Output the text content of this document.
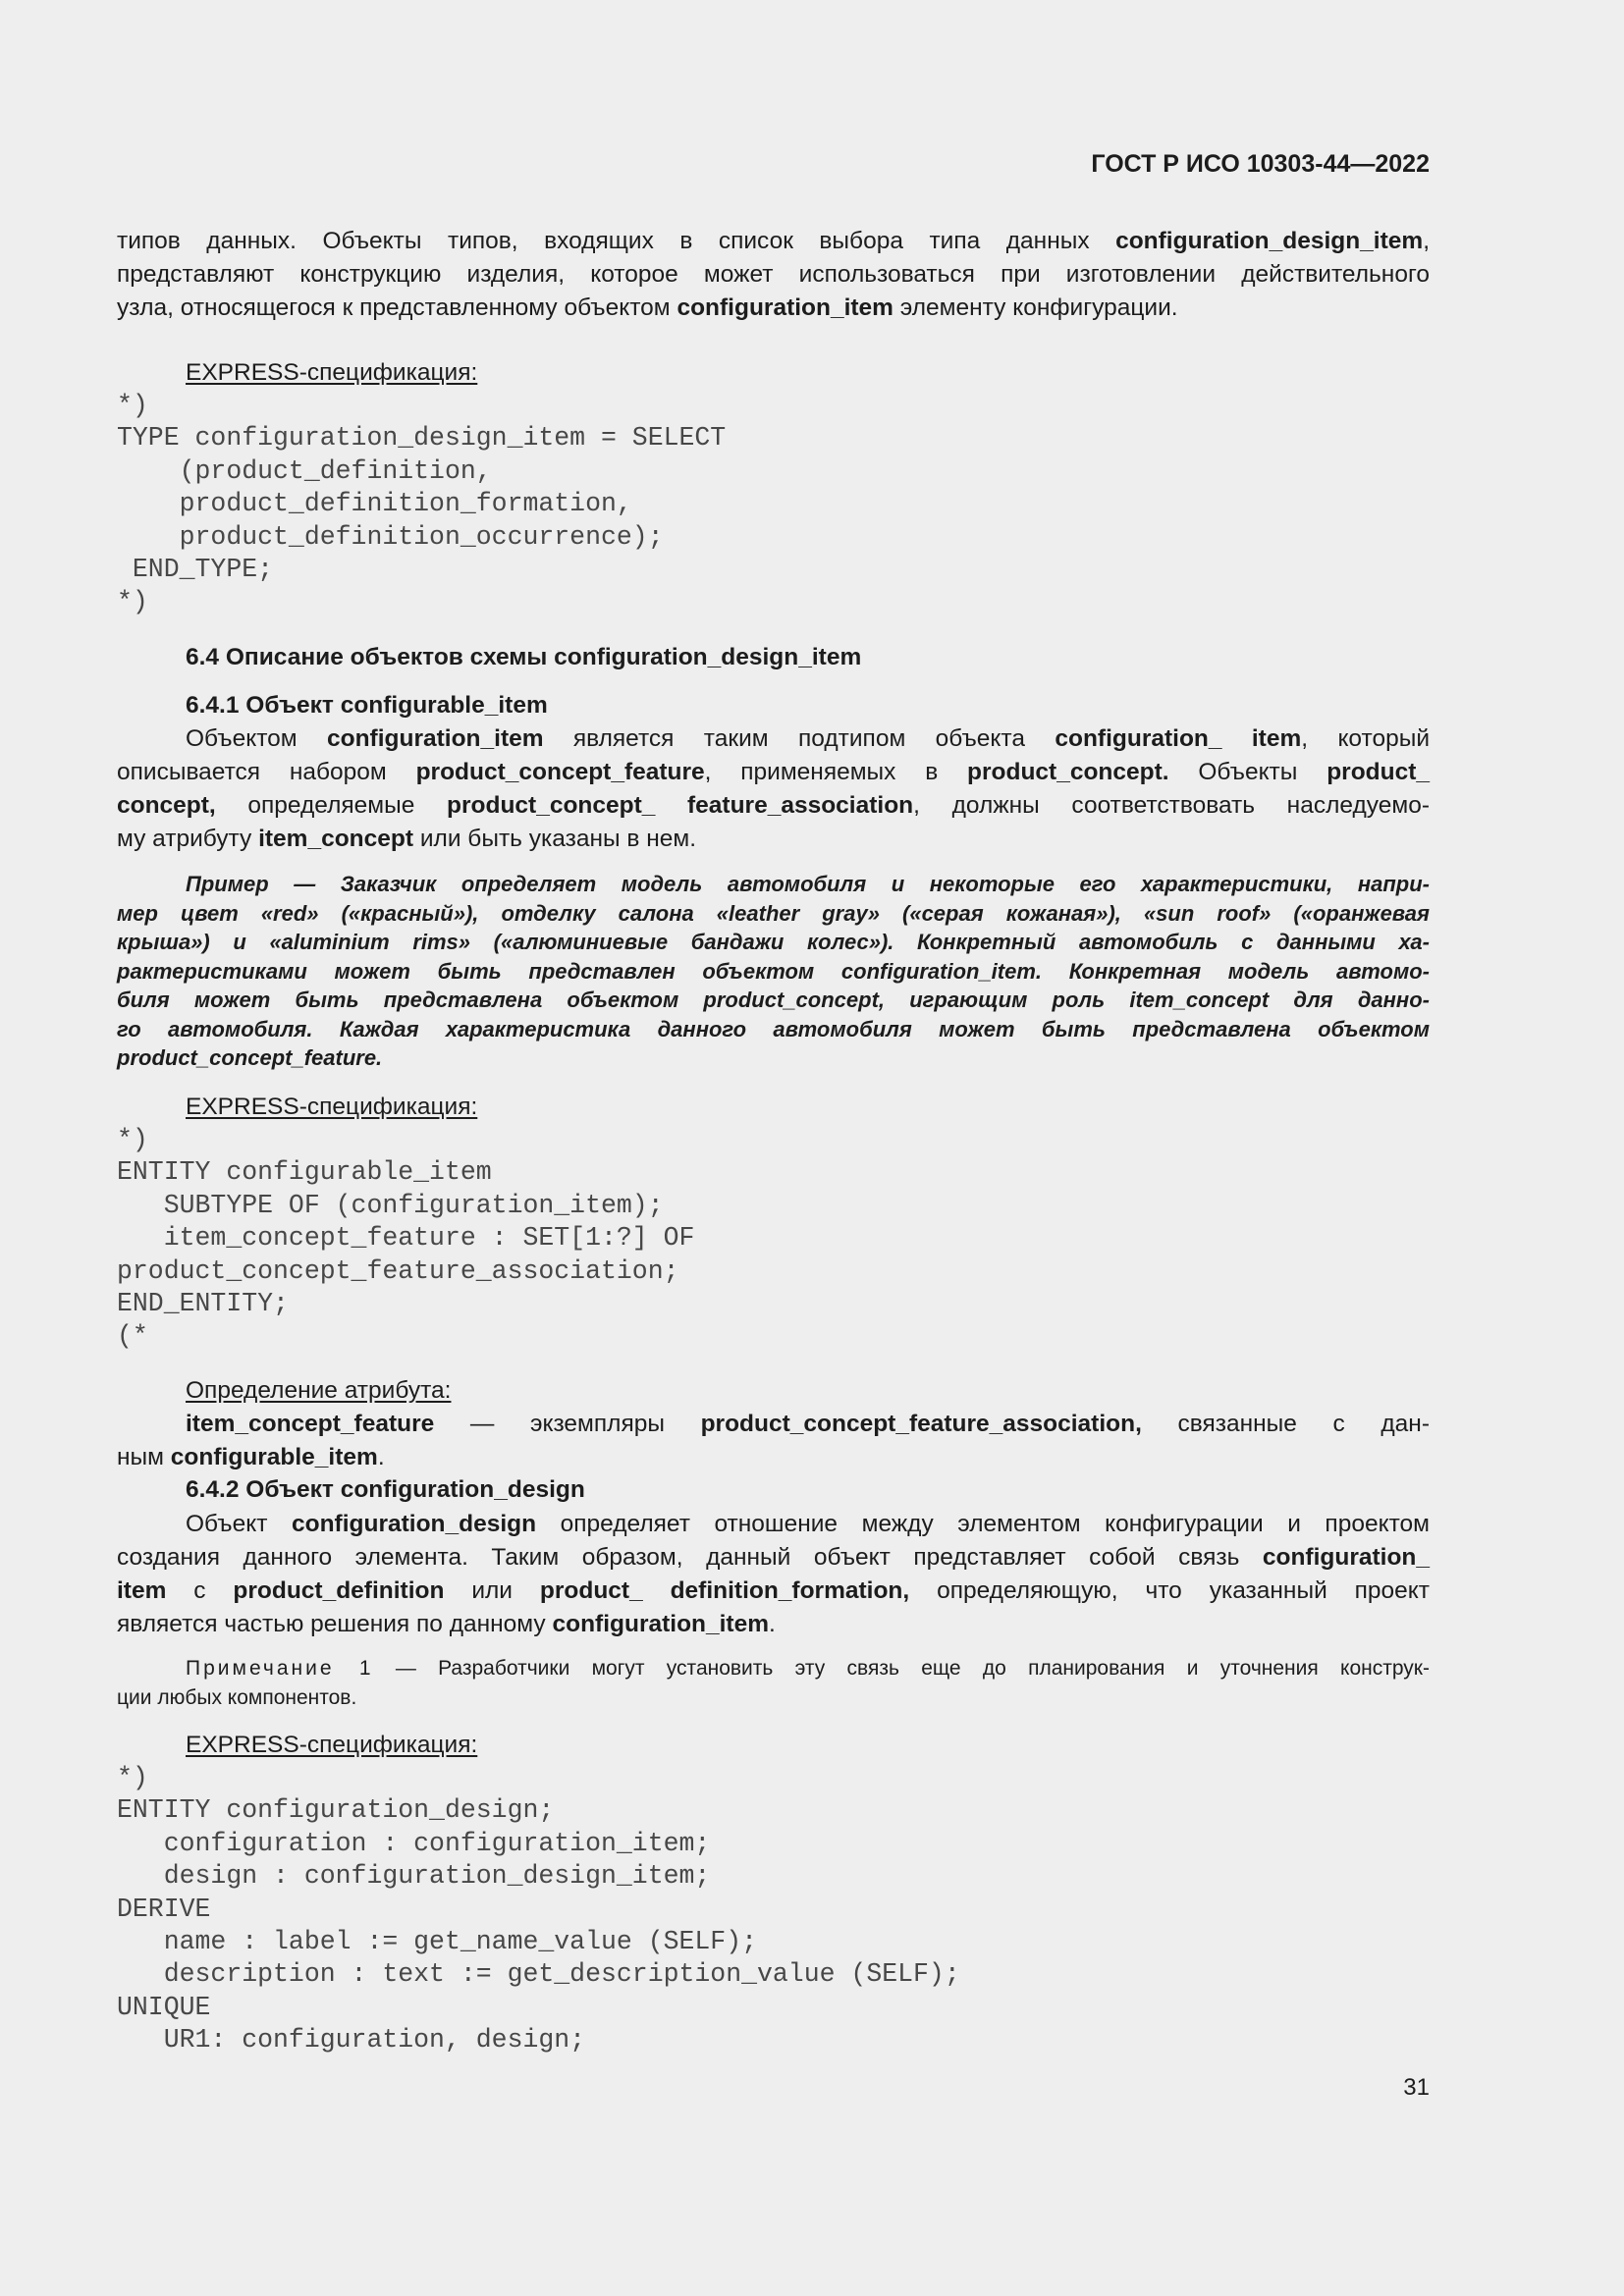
ГОСТ Р ИСО 10303-44—2022
типов данных. Объекты типов, входящих в список выбора типа данных configuration_design_item,
представляют конструкцию изделия, которое может использоваться при изготовлении действительного
узла, относящегося к представленному объектом configuration_item элементу конфигурации.
EXPRESS-спецификация:
*)
TYPE configuration_design_item = SELECT
(product_definition,
product_definition_formation,
product_definition_occurrence);
END_TYPE;
*)
6.4 Описание объектов схемы configuration_design_item
6.4.1 Объект configurable_item
Объектом configuration_item является таким подтипом объекта configuration_ item, который
описывается набором product_concept_feature, применяемых в product_concept. Объекты product_
concept, определяемые product_concept_ feature_association, должны соответствовать наследуемо-
му атрибуту item_concept или быть указаны в нем.
Пример — Заказчик определяет модель автомобиля и некоторые его характеристики, напри-
мер цвет «red» («красный»), отделку салона «leather gray» («серая кожаная»), «sun roof» («оранжевая
крыша») и «aluminium rims» («алюминиевые бандажи колес»). Конкретный автомобиль с данными ха-
рактеристиками может быть представлен объектом configuration_item. Конкретная модель автомо-
биля может быть представлена объектом product_concept, играющим роль item_concept для данно-
го автомобиля. Каждая характеристика данного автомобиля может быть представлена объектом
product_concept_feature.
EXPRESS-спецификация:
*)
ENTITY configurable_item
SUBTYPE OF (configuration_item);
item_concept_feature : SET[1:?] OF
product_concept_feature_association;
END_ENTITY;
(*
Определение атрибута:
item_concept_feature — экземпляры product_concept_feature_association, связанные с дан-
ным configurable_item.
6.4.2 Объект configuration_design
Объект configuration_design определяет отношение между элементом конфигурации и проектом
создания данного элемента. Таким образом, данный объект представляет собой связь configuration_
item с product_definition или product_ definition_formation, определяющую, что указанный проект
является частью решения по данному configuration_item.
Примечание 1 — Разработчики могут установить эту связь еще до планирования и уточнения конструк-
ции любых компонентов.
EXPRESS-спецификация:
*)
ENTITY configuration_design;
configuration : configuration_item;
design : configuration_design_item;
DERIVE
name : label := get_name_value (SELF);
description : text := get_description_value (SELF);
UNIQUE
UR1: configuration, design;
31
